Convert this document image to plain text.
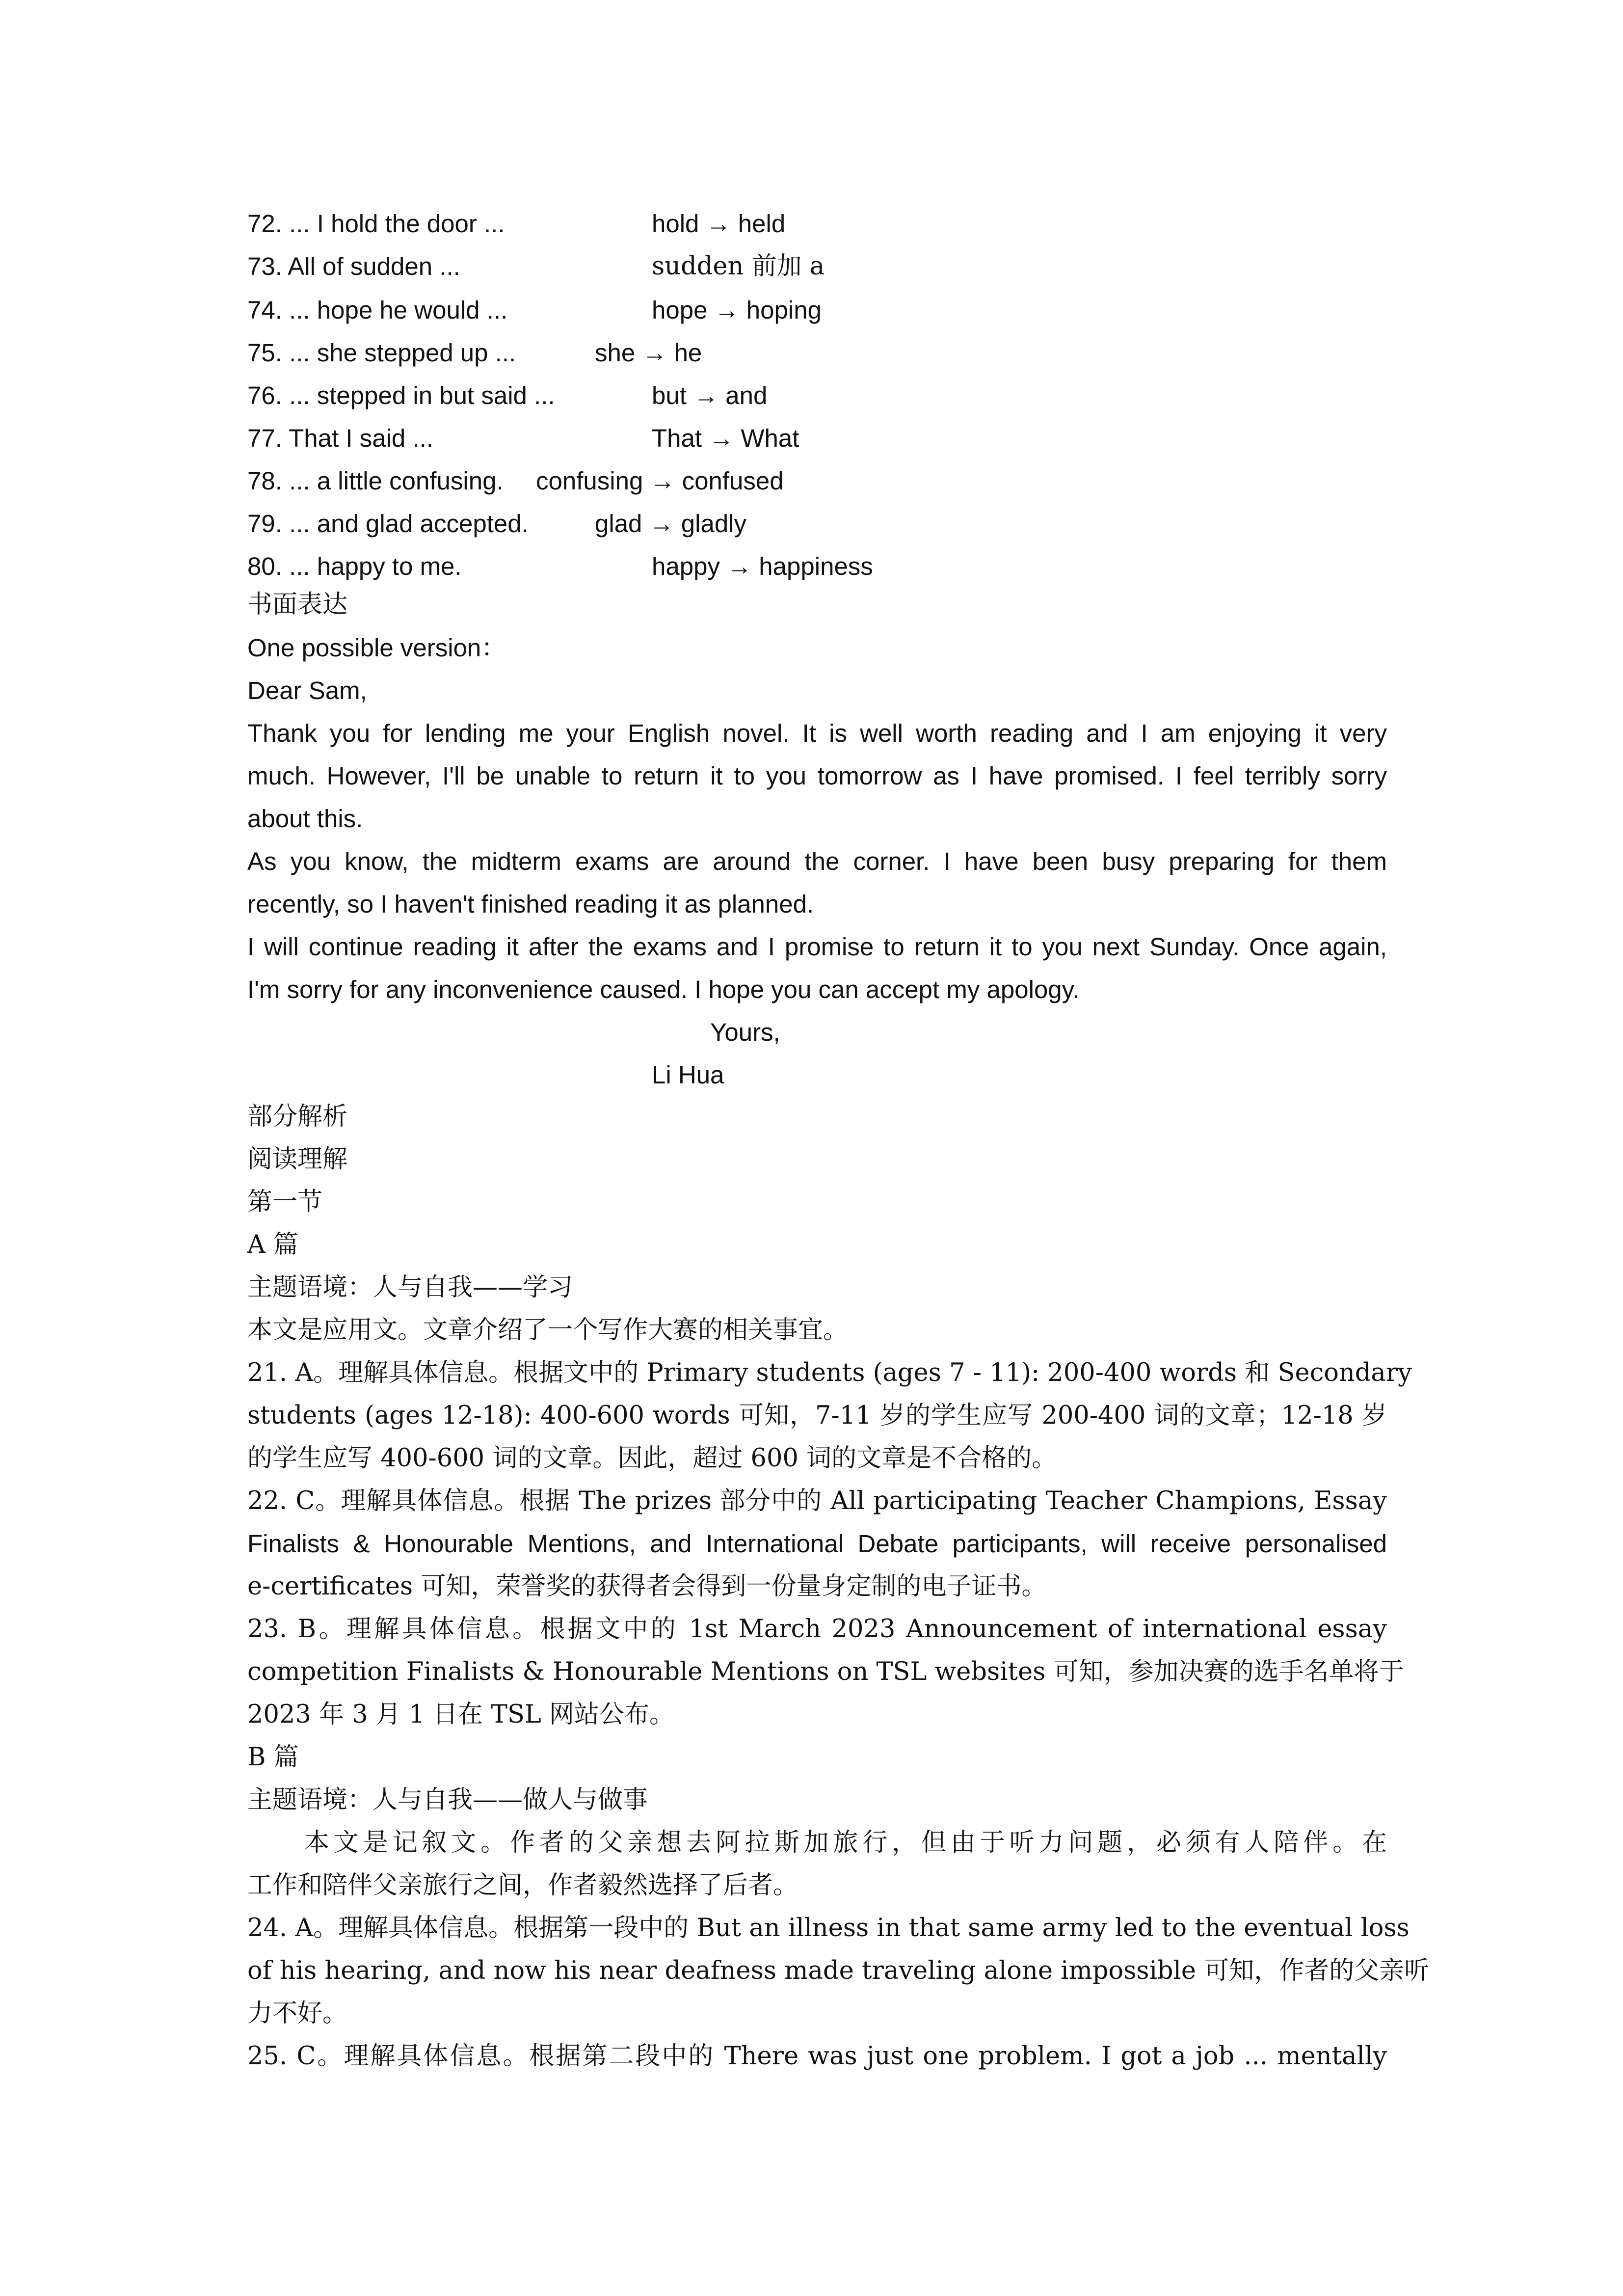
72. ... I hold the door ...	hold → held
73. All of sudden ...	sudden 前加 a
74. ... hope he would ...	hope → hoping
75. ... she stepped up ...	she → he
76. ... stepped in but said ...	but → and
77. That I said ...	That → What
78. ... a little confusing. confusing → confused
79. ... and glad accepted.	glad → gladly
80. ... happy to me.	happy → happiness
书面表达
One possible version：
Dear Sam,
Thank you for lending me your English novel. It is well worth reading and I am enjoying it very
much. However, I'll be unable to return it to you tomorrow as I have promised. I feel terribly sorry
about this.
As you know, the midterm exams are around the corner. I have been busy preparing for them
recently, so I haven't finished reading it as planned.
I will continue reading it after the exams and I promise to return it to you next Sunday. Once again,
I'm sorry for any inconvenience caused. I hope you can accept my apology.
Yours,
Li Hua
部分解析
阅读理解
第一节
A 篇
主题语境：人与自我——学习
本文是应用文。文章介绍了一个写作大赛的相关事宜。
21. A。理解具体信息。根据文中的 Primary students (ages 7 - 11): 200-400 words 和 Secondary
students (ages 12-18): 400-600 words 可知，7-11 岁的学生应写 200-400 词的文章；12-18 岁
的学生应写 400-600 词的文章。因此，超过 600 词的文章是不合格的。
22. C。理解具体信息。根据 The prizes 部分中的 All participating Teacher Champions, Essay
Finalists & Honourable Mentions, and International Debate participants, will receive personalised
e-certificates 可知，荣誉奖的获得者会得到一份量身定制的电子证书。
23. B。理解具体信息。根据文中的 1st March 2023 Announcement of international essay
competition Finalists & Honourable Mentions on TSL websites 可知，参加决赛的选手名单将于
2023 年 3 月 1 日在 TSL 网站公布。
B 篇
主题语境：人与自我——做人与做事
本文是记叙文。作者的父亲想去阿拉斯加旅行，但由于听力问题，必须有人陪伴。在
工作和陪伴父亲旅行之间，作者毅然选择了后者。
24. A。理解具体信息。根据第一段中的 But an illness in that same army led to the eventual loss
of his hearing, and now his near deafness made traveling alone impossible 可知，作者的父亲听
力不好。
25. C。理解具体信息。根据第二段中的 There was just one problem. I got a job ... mentally
